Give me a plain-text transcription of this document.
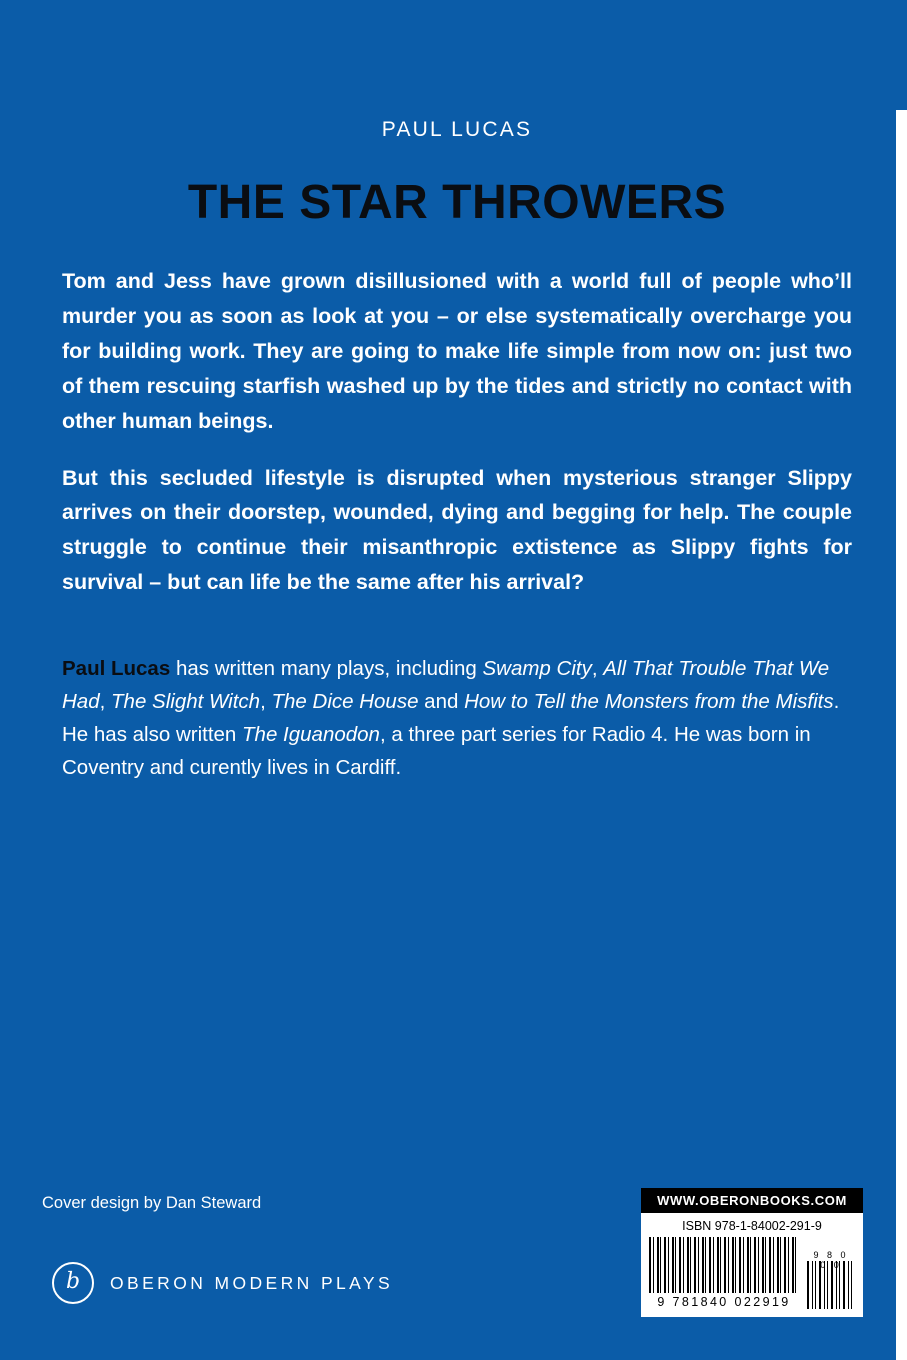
PAUL LUCAS
THE STAR THROWERS

Tom and Jess have grown disillusioned with a world full of people who’ll murder you as soon as look at you – or else systematically overcharge you for building work. They are going to make life simple from now on: just two of them rescuing starfish washed up by the tides and strictly no contact with other human beings.

But this secluded lifestyle is disrupted when mysterious stranger Slippy arrives on their doorstep, wounded, dying and begging for help. The couple struggle to continue their misanthropic extistence as Slippy fights for survival – but can life be the same after his arrival?

Paul Lucas has written many plays, including Swamp City, All That Trouble That We Had, The Slight Witch, The Dice House and How to Tell the Monsters from the Misfits. He has also written The Iguanodon, a three part series for Radio 4. He was born in Coventry and curently lives in Cardiff.
Cover design by Dan Steward
b OBERON MODERN PLAYS
WWW.OBERONBOOKS.COM
ISBN 978-1-84002-291-9
9 781840 022919
9 8 0 0 0
